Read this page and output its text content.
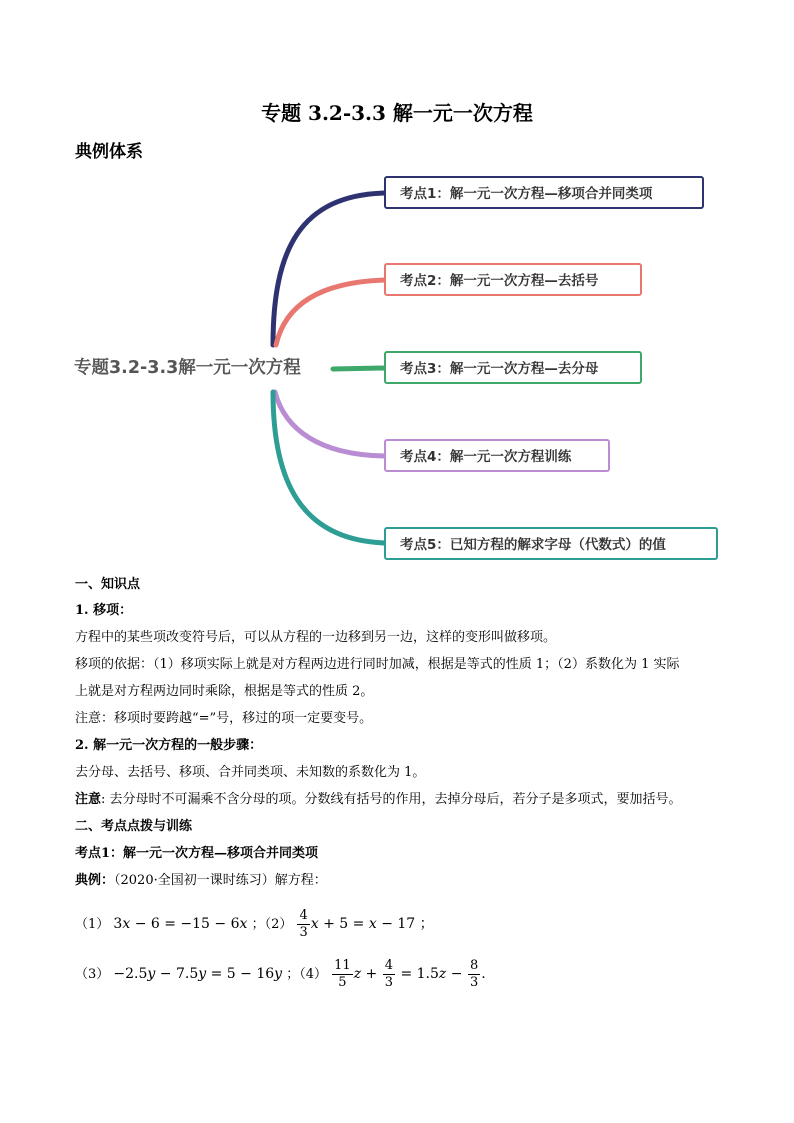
专题 3.2-3.3 解一元一次方程
典例体系
专题3.2-3.3解一元一次方程
考点1：解一元一次方程—移项合并同类项
考点2：解一元一次方程—去括号
考点3：解一元一次方程—去分母
考点4：解一元一次方程训练
考点5：已知方程的解求字母（代数式）的值
一、知识点
1. 移项：
方程中的某些项改变符号后，可以从方程的一边移到另一边，这样的变形叫做移项。
移项的依据：（1）移项实际上就是对方程两边进行同时加减，根据是等式的性质 1；（2）系数化为 1 实际
上就是对方程两边同时乘除，根据是等式的性质 2。
注意：移项时要跨越“=”号，移过的项一定要变号。
2. 解一元一次方程的一般步骤：
去分母、去括号、移项、合并同类项、未知数的系数化为 1。
注意: 去分母时不可漏乘不含分母的项。分数线有括号的作用，去掉分母后，若分子是多项式，要加括号。
二、考点点拨与训练
考点1：解一元一次方程—移项合并同类项
典例：（2020·全国初一课时练习）解方程：
（1） 3x − 6 = −15 − 6x ；$(2) \frac{4}{3}$ x + 5 = x − 17 ；
（3） −2.5y − 7.5y = 5 − 16y ；$(4) \frac{11}{5}$ $z + \frac{4}{3} = 1.5z - \frac{8}{3}$ .
